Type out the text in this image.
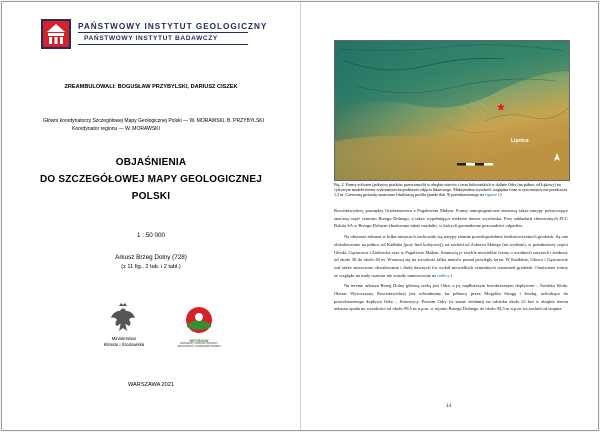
PAŃSTWOWY INSTYTUT GEOLOGICZNY
PAŃSTWOWY INSTYTUT BADAWCZY
ZREAMBULOWALI: BOGUSŁAW PRZYBYLSKI, DARIUSZ CISZEK
Główni koordynatorzy Szczegółowej Mapy Geologicznej Polski — W. MORAWSKI, B. PRZYBYLSKI
Koordynator regionu — W. MORAWSKI
OBJAŚNIENIA
DO SZCZEGÓŁOWEJ MAPY GEOLOGICZNEJ
POLSKI
1 : 50 000
Arkusz Brzeg Dolny (728)
(z 11 fig., 2 tab. i 2 tabl.)
Ministerstwo
Klimatu i Środowiska
NFOŚiGW
NARODOWY FUNDUSZ OCHRONY ŚRODOWISKA I GOSPODARKI WODNEJ
WARSZAWA 2021
Lipnica
Fig. 2. Formy eoliczne (pokrywy piasków przewianych) w obrębie starców i teras holoceńskich w dolinie Odry (na północ od Łąkowy) na cyfrowym modelu terenu wykonanym na podstawie zdjęcia lidarowego. Maksymalna wysokość względna form w tym miejscu nie przekracza 1,5 m. Czerwoną gwiazdą oznaczono lokalizację profilu (punkt dok. 9) przedstawionego na figurze 10

Roscisławickiej, pomiędzy Grodzanowem a Pogalewem Małym. Formy antropogeniczne stanowią także nasypy pokrywające znaczną część centrum Brzegu Dolnego, a także wypełniające niektóre dawne wyrobiska. Przy zakładach chemicznych PCC Rokita SA w Brzegu Dolnym zbudowane także osadniki, w których gromadzone pozostałości odpadów.

Na obszarze arkusza w kilku miejscach zachowały się nasypy ziemne prawdopodobnie średniowiecznych grodzisk. Są one zlokalizowane na północ od Kadłuba (przy linii kolejowej), na zachód od Zaborza Małego (na wydmie), w południowej części Głoski, Gąsiorowa i Zrekówka oraz w Pogalewie Małym. Stanowią je zwykle niewielkie formy o owalnych zarysach i średnicy od około 30 do około 40 m. Wznoszą się na wysokość kilku metrów ponad przyległy teren. W Kadłubie, Głosce i Gąsiorowie wał także zniszczone obwałowania i ślady dawnych fos wokół niewielkich centralnych wzniesień grodzisk. Omówione formy ze względu na mały rozmiar nie zostały umieszczone na tablicy I.

Na terenie arkusza Brzeg Dolny główną rzeką jest Odra, a jej najdłuższym lewobrzeżnym dopływem – Średzka Woda. Obszar Wysoczyzny Roscisławickiej jest odwadniany ku północy przez Mopylka Strugę i Jeszkę, uchodzące do prawobrzeżnego dopływu Odry – Jezierzycy. Poziom Odry (w stanie średnim) na odcinku około 21 km w obrębie terenu arkusza opada na wysokości od około 99,5 m n.p.m. w rejonie Brzegu Dolnego do około 94,5 m n.p.m. na zachód od stopnia

14
